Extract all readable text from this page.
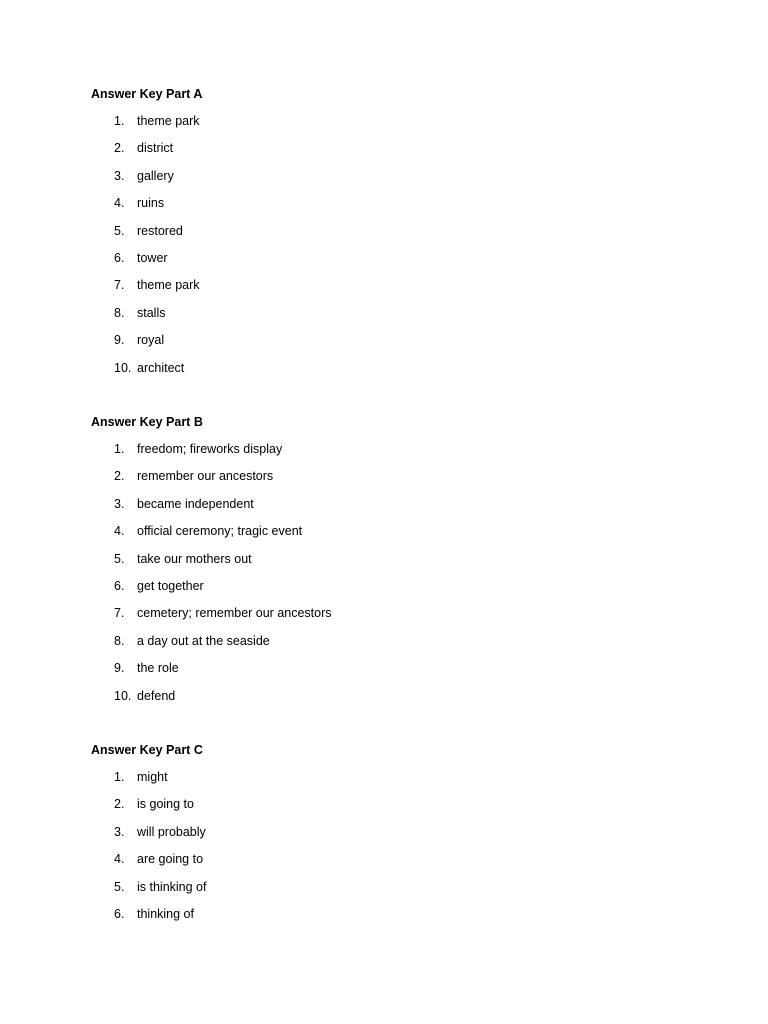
Answer Key Part A
1.	theme park
2.	district
3.	gallery
4.	ruins
5.	restored
6.	tower
7.	theme park
8.	stalls
9.	royal
10. architect
Answer Key Part B
1.	freedom; fireworks display
2.	remember our ancestors
3.	became independent
4.	official ceremony; tragic event
5.	take our mothers out
6.	get together
7.	cemetery; remember our ancestors
8.	a day out at the seaside
9.	the role
10. defend
Answer Key Part C
1.	might
2.	is going to
3.	will probably
4.	are going to
5.	is thinking of
6.	thinking of
